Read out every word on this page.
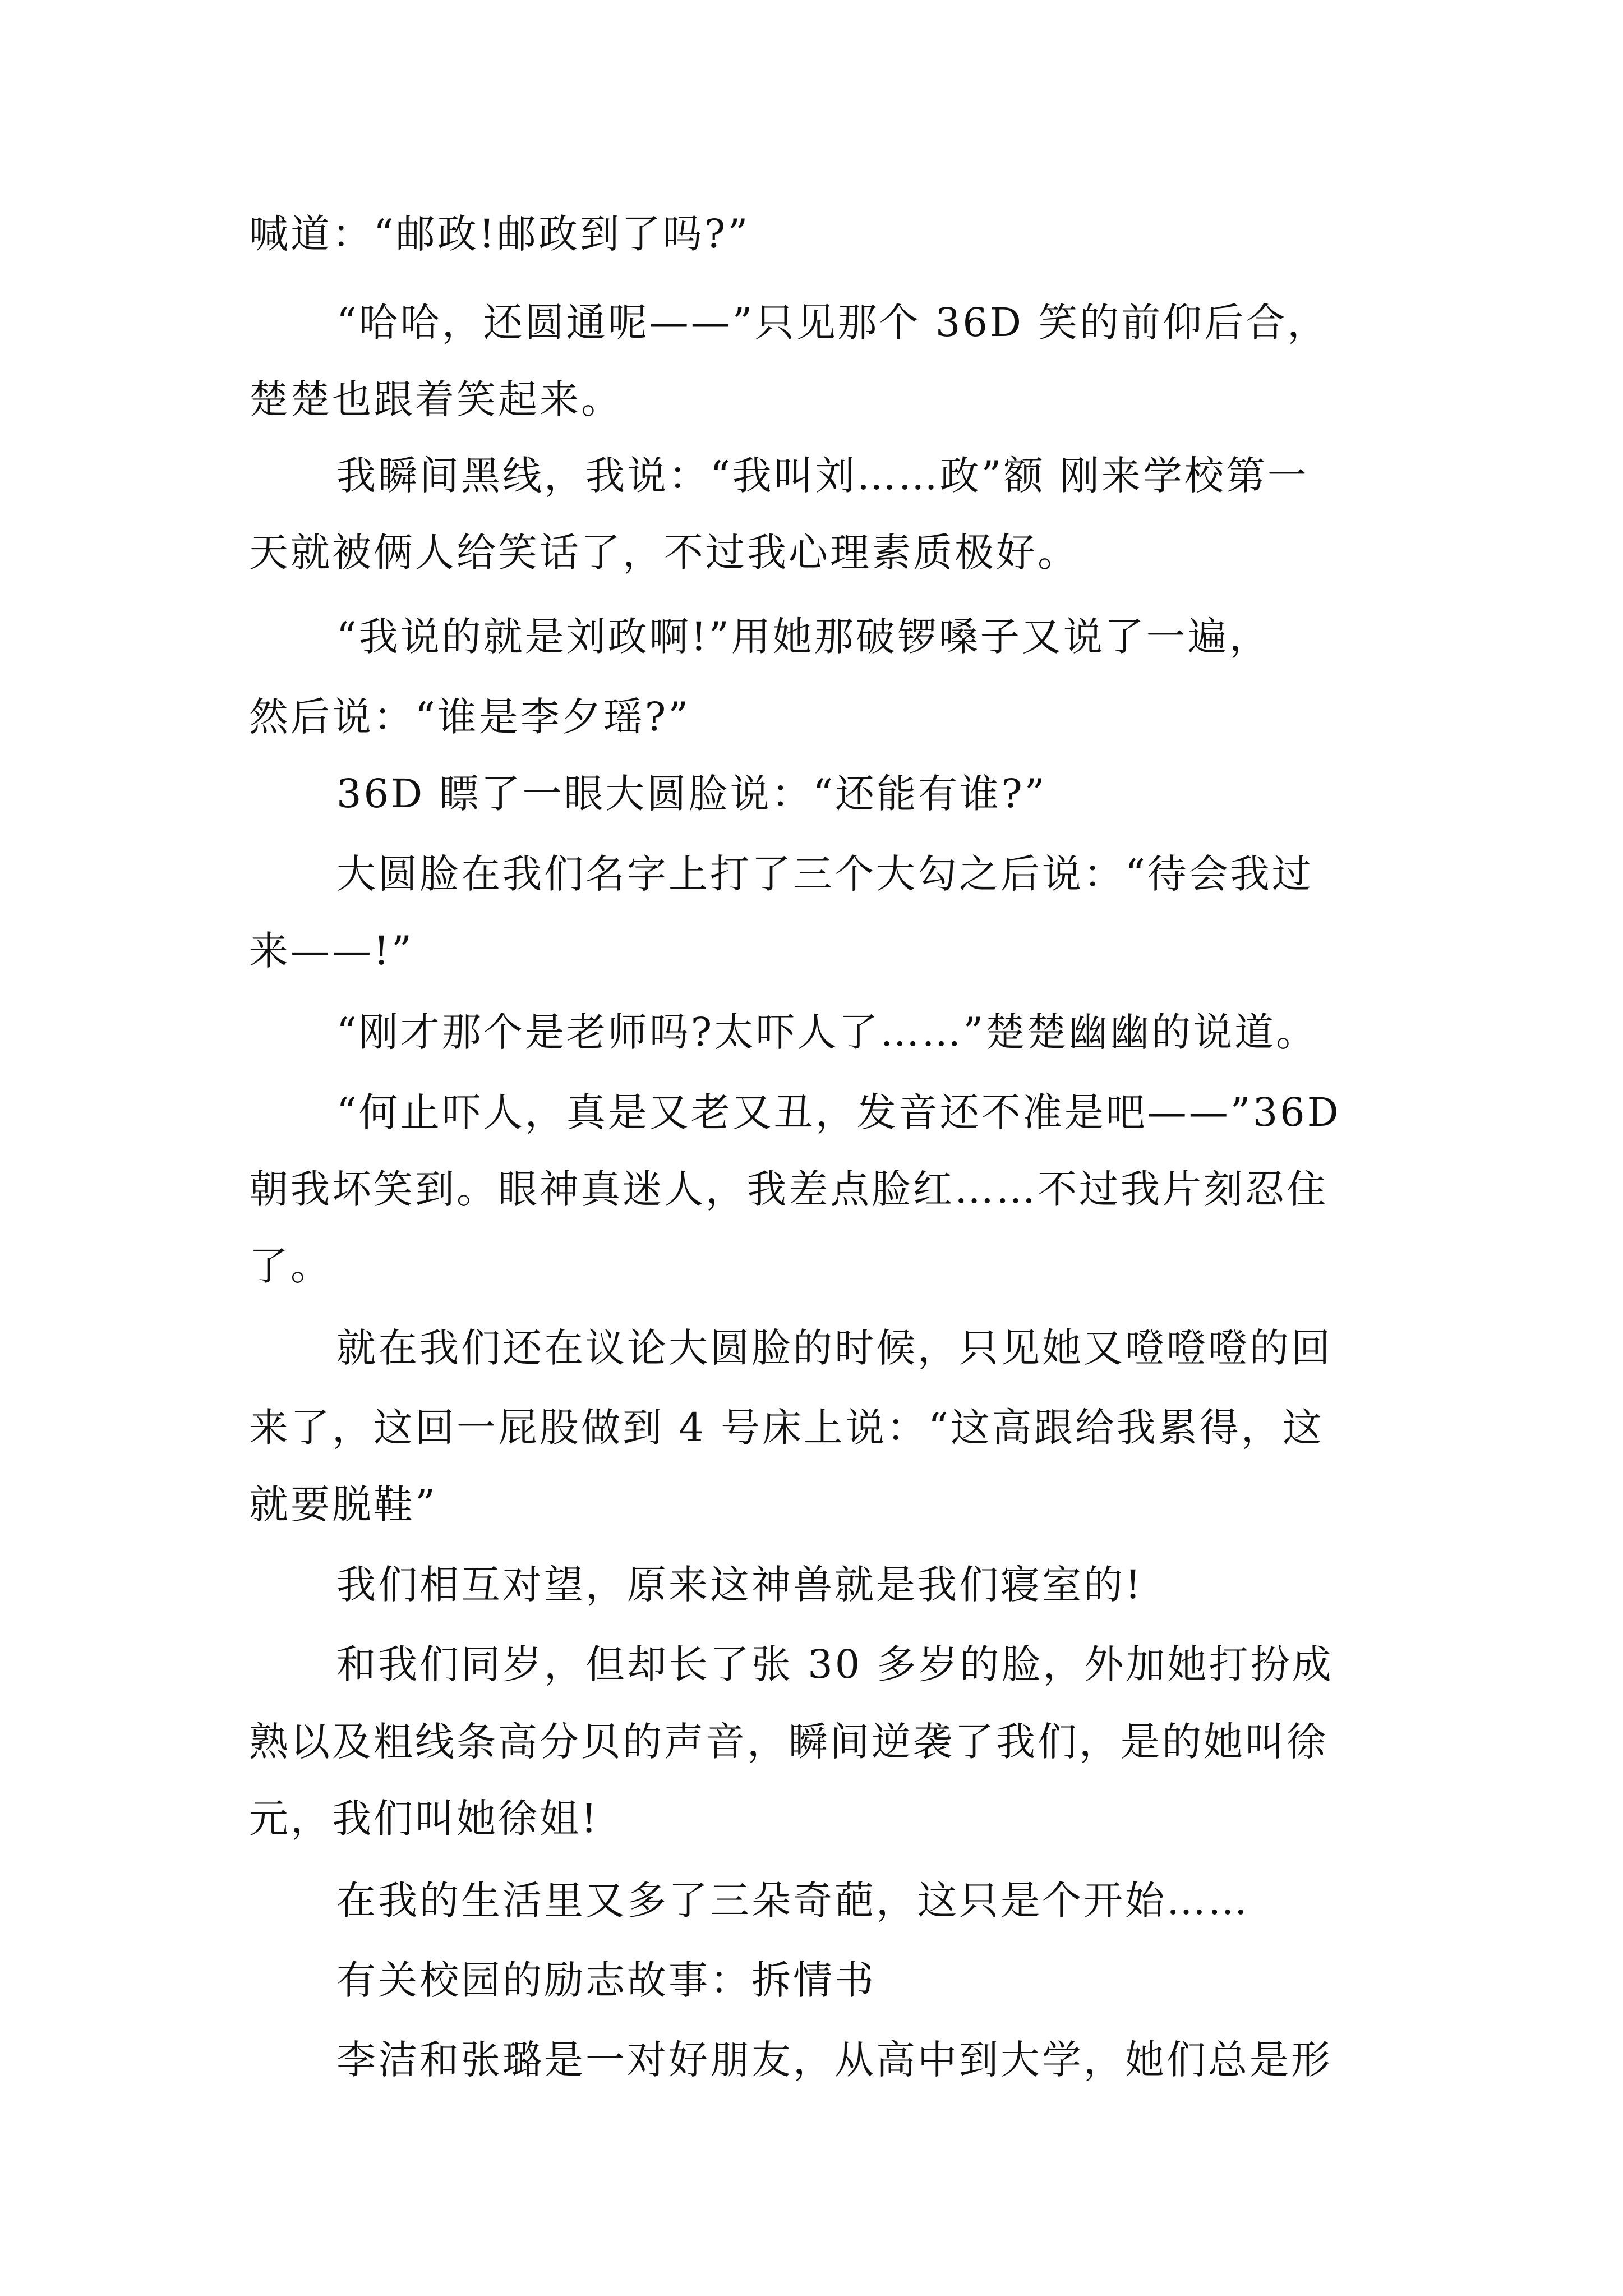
喊道：“邮政!邮政到了吗?”
“哈哈，还圆通呢——”只见那个 36D 笑的前仰后合，
楚楚也跟着笑起来。
我瞬间黑线，我说：“我叫刘……政”额 刚来学校第一
天就被俩人给笑话了，不过我心理素质极好。
“我说的就是刘政啊!”用她那破锣嗓子又说了一遍，
然后说：“谁是李夕瑶?”
36D 瞟了一眼大圆脸说：“还能有谁?”
大圆脸在我们名字上打了三个大勾之后说：“待会我过
来——!”
“刚才那个是老师吗?太吓人了……”楚楚幽幽的说道。
“何止吓人，真是又老又丑，发音还不准是吧——”36D
朝我坏笑到。眼神真迷人，我差点脸红……不过我片刻忍住
了。
就在我们还在议论大圆脸的时候，只见她又噔噔噔的回
来了，这回一屁股做到 4 号床上说：“这高跟给我累得，这
就要脱鞋”
我们相互对望，原来这神兽就是我们寝室的!
和我们同岁，但却长了张 30 多岁的脸，外加她打扮成
熟以及粗线条高分贝的声音，瞬间逆袭了我们，是的她叫徐
元，我们叫她徐姐!
在我的生活里又多了三朵奇葩，这只是个开始……
有关校园的励志故事：拆情书
李洁和张璐是一对好朋友，从高中到大学，她们总是形
